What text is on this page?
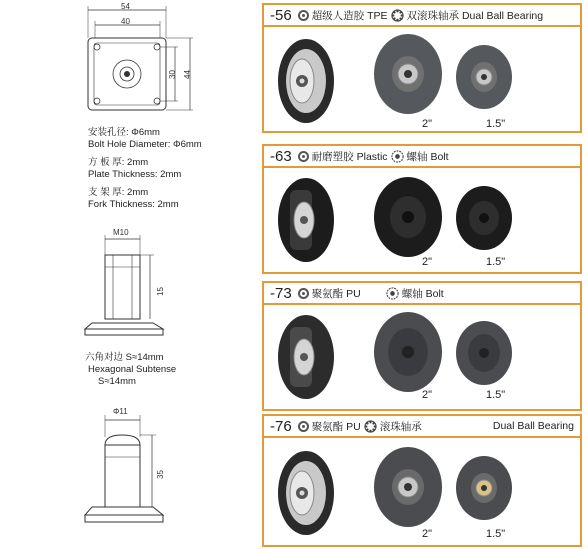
54
40
30 44
安装孔径: Φ6mm
Bolt Hole Diameter: Φ6mm
方 板 厚: 2mm
Plate Thickness: 2mm
支 架 厚: 2mm
Fork Thickness: 2mm
M10
15
六角对边 S≈14mm
Hexagonal Subtense
S≈14mm
Φ11
35
-56 超级人造胶 TPE 双滚珠轴承 Dual Ball Bearing
2"	1.5"
-63 耐磨塑胶 Plastic 螺轴 Bolt
2"	1.5"
-73 聚氨酯 PU	螺轴 Bolt
2"	1.5"
-76 聚氨酯 PU 滚珠轴承	Dual Ball Bearing
2"	1.5"
